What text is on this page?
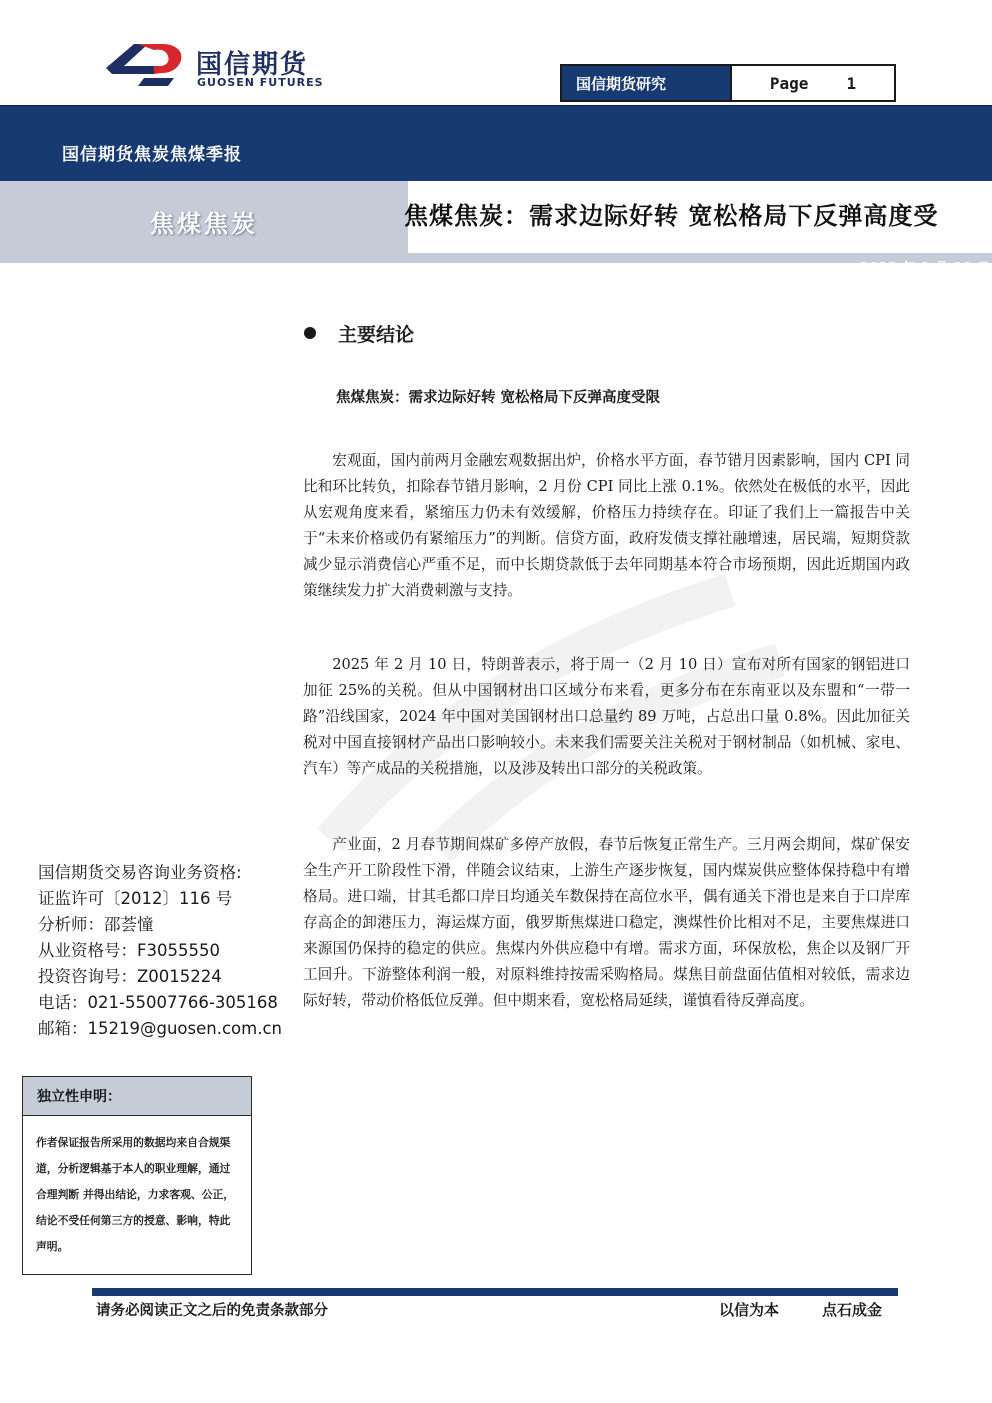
国信期货
GUOSEN FUTURES	国信期货研究	Page 1
国信期货焦炭焦煤季报
焦煤焦炭	焦煤焦炭：需求边际好转 宽松格局下反弹高度受
2025 年 3 月 30 日
主要结论
焦煤焦炭：需求边际好转 宽松格局下反弹高度受限

宏观面，国内前两月金融宏观数据出炉，价格水平方面，春节错月因素影响，国内 CPI 同比和环比转负，扣除春节错月影响，2 月份 CPI 同比上涨 0.1%。依然处在极低的水平，因此从宏观角度来看，紧缩压力仍未有效缓解，价格压力持续存在。印证了我们上一篇报告中关于“未来价格或仍有紧缩压力”的判断。信贷方面，政府发债支撑社融增速，居民端，短期贷款减少显示消费信心严重不足，而中长期贷款低于去年同期基本符合市场预期，因此近期国内政策继续发力扩大消费刺激与支持。

2025 年 2 月 10 日，特朗普表示，将于周一（2 月 10 日）宣布对所有国家的钢铝进口加征 25%的关税。但从中国钢材出口区域分布来看，更多分布在东南亚以及东盟和“一带一路”沿线国家，2024 年中国对美国钢材出口总量约 89 万吨，占总出口量 0.8%。因此加征关税对中国直接钢材产品出口影响较小。未来我们需要关注关税对于钢材制品（如机械、家电、汽车）等产成品的关税措施，以及涉及转出口部分的关税政策。

产业面，2 月春节期间煤矿多停产放假，春节后恢复正常生产。三月两会期间，煤矿保安全生产开工阶段性下滑，伴随会议结束，上游生产逐步恢复，国内煤炭供应整体保持稳中有增格局。进口端，甘其毛都口岸日均通关车数保持在高位水平，偶有通关下滑也是来自于口岸库存高企的卸港压力，海运煤方面，俄罗斯焦煤进口稳定，澳煤性价比相对不足，主要焦煤进口来源国仍保持的稳定的供应。焦煤内外供应稳中有增。需求方面，环保放松，焦企以及钢厂开工回升。下游整体利润一般，对原料维持按需采购格局。煤焦目前盘面估值相对较低，需求边际好转，带动价格低位反弹。但中期来看，宽松格局延续，谨慎看待反弹高度。

国信期货交易咨询业务资格:
证监许可〔2012〕116 号
分析师：邵荟憧
从业资格号：F3055550
投资咨询号：Z0015224
电话：021-55007766-305168
邮箱：15219@guosen.com.cn
独立性申明：
作者保证报告所采用的数据均来自合规渠道，分析逻辑基于本人的职业理解，通过合理判断 并得出结论，力求客观、公正，结论不受任何第三方的授意、影响，特此声明。
请务必阅读正文之后的免责条款部分	以信为本	点石成金
